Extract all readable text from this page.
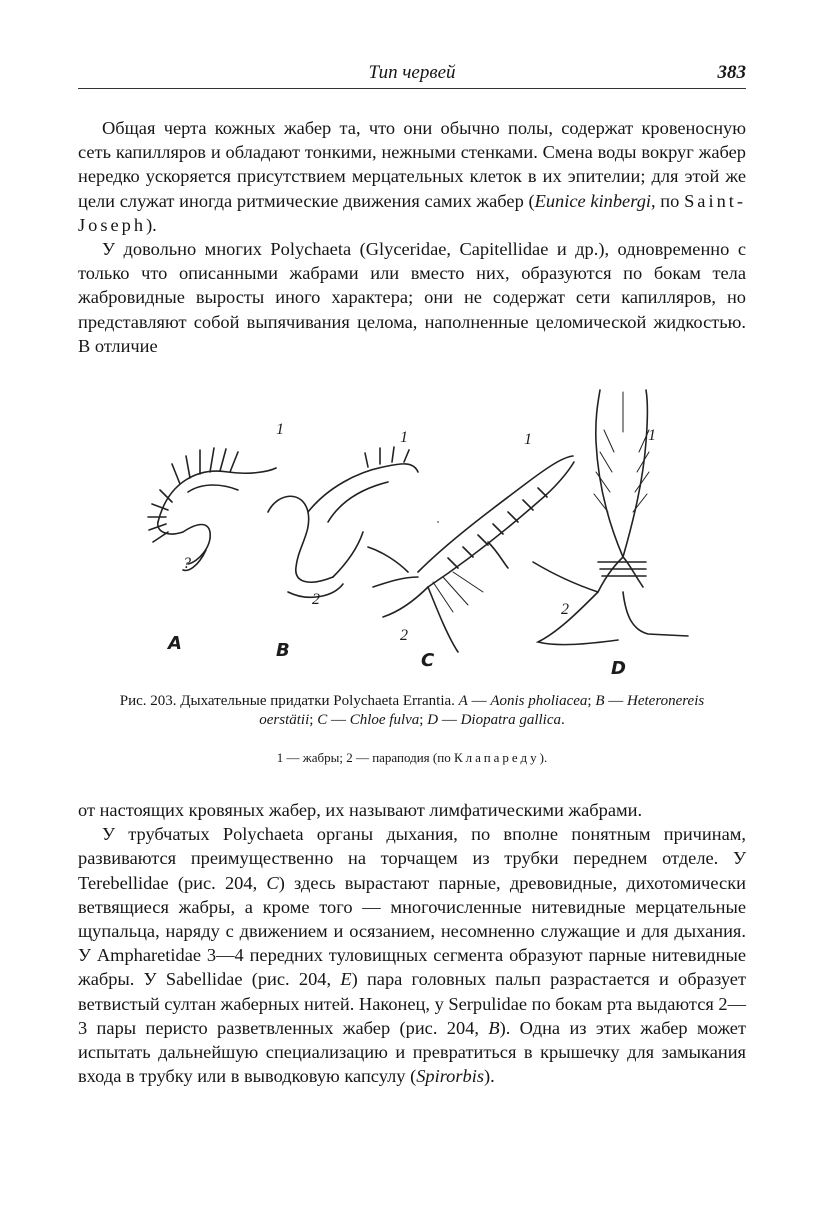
Тип червей	383

Общая черта кожных жабер та, что они обычно полы, содержат кровеносную сеть капилляров и обладают тонкими, нежными стенками. Смена воды вокруг жабер нередко ускоряется присутствием мерцательных клеток в их эпителии; для этой же цели служат иногда ритмические движения самих жабер (Eunice kinbergi, по Saint-Joseph).

У довольно многих Polychaeta (Glyceridae, Capitellidae и др.), одновременно с только что описанными жабрами или вместо них, образуются по бокам тела жабровидные выросты иного характера; они не содержат сети капилляров, но представляют собой выпячивания целома, наполненные целомической жидкостью. В отличие

A	B	C	D
1	1	1	1
?
2
2
2
Рис. 203. Дыхательные придатки Polychaeta Errantia. A — Aonis pholiacea; B — Heteronereis oerstätii; C — Chloe fulva; D — Diopatra gallica.
1 — жабры; 2 — параподия (по Клапареду).

от настоящих кровяных жабер, их называют лимфатическими жабрами.

У трубчатых Polychaeta органы дыхания, по вполне понятным причинам, развиваются преимущественно на торчащем из трубки переднем отделе. У Terebellidae (рис. 204, C) здесь вырастают парные, древовидные, дихотомически ветвящиеся жабры, а кроме того — многочисленные нитевидные мерцательные щупальца, наряду с движением и осязанием, несомненно служащие и для дыхания. У Ampharetidae 3—4 передних туловищных сегмента образуют парные нитевидные жабры. У Sabellidae (рис. 204, E) пара головных пальп разрастается и образует ветвистый султан жаберных нитей. Наконец, у Serpulidae по бокам рта выдаются 2—3 пары перисто разветвленных жабер (рис. 204, B). Одна из этих жабер может испытать дальнейшую специализацию и превратиться в крышечку для замыкания входа в трубку или в выводковую капсулу (Spirorbis).
